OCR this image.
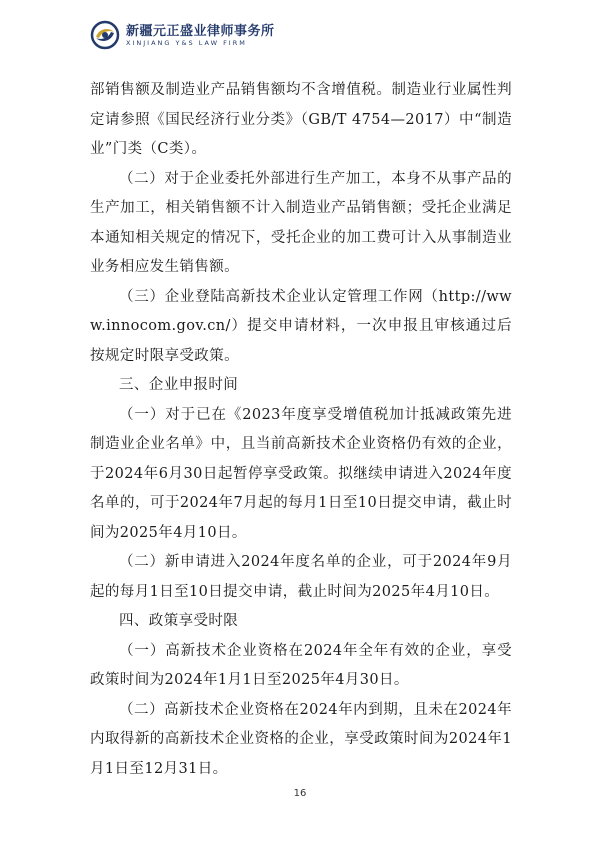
新疆元正盛业律师事务所
XINJIANG Y&S LAW FIRM

部销售额及制造业产品销售额均不含增值税。制造业行业属性判定请参照《国民经济行业分类》（GB/T 4754—2017）中“制造业”门类（C类）。

（二）对于企业委托外部进行生产加工，本身不从事产品的生产加工，相关销售额不计入制造业产品销售额；受托企业满足本通知相关规定的情况下，受托企业的加工费可计入从事制造业业务相应发生销售额。

（三）企业登陆高新技术企业认定管理工作网（http://www.innocom.gov.cn/）提交申请材料，一次申报且审核通过后按规定时限享受政策。

三、企业申报时间

（一）对于已在《2023年度享受增值税加计抵减政策先进制造业企业名单》中，且当前高新技术企业资格仍有效的企业，于2024年6月30日起暂停享受政策。拟继续申请进入2024年度名单的，可于2024年7月起的每月1日至10日提交申请，截止时间为2025年4月10日。

（二）新申请进入2024年度名单的企业，可于2024年9月起的每月1日至10日提交申请，截止时间为2025年4月10日。

四、政策享受时限

（一）高新技术企业资格在2024年全年有效的企业，享受政策时间为2024年1月1日至2025年4月30日。

（二）高新技术企业资格在2024年内到期，且未在2024年内取得新的高新技术企业资格的企业，享受政策时间为2024年1月1日至12月31日。

16
